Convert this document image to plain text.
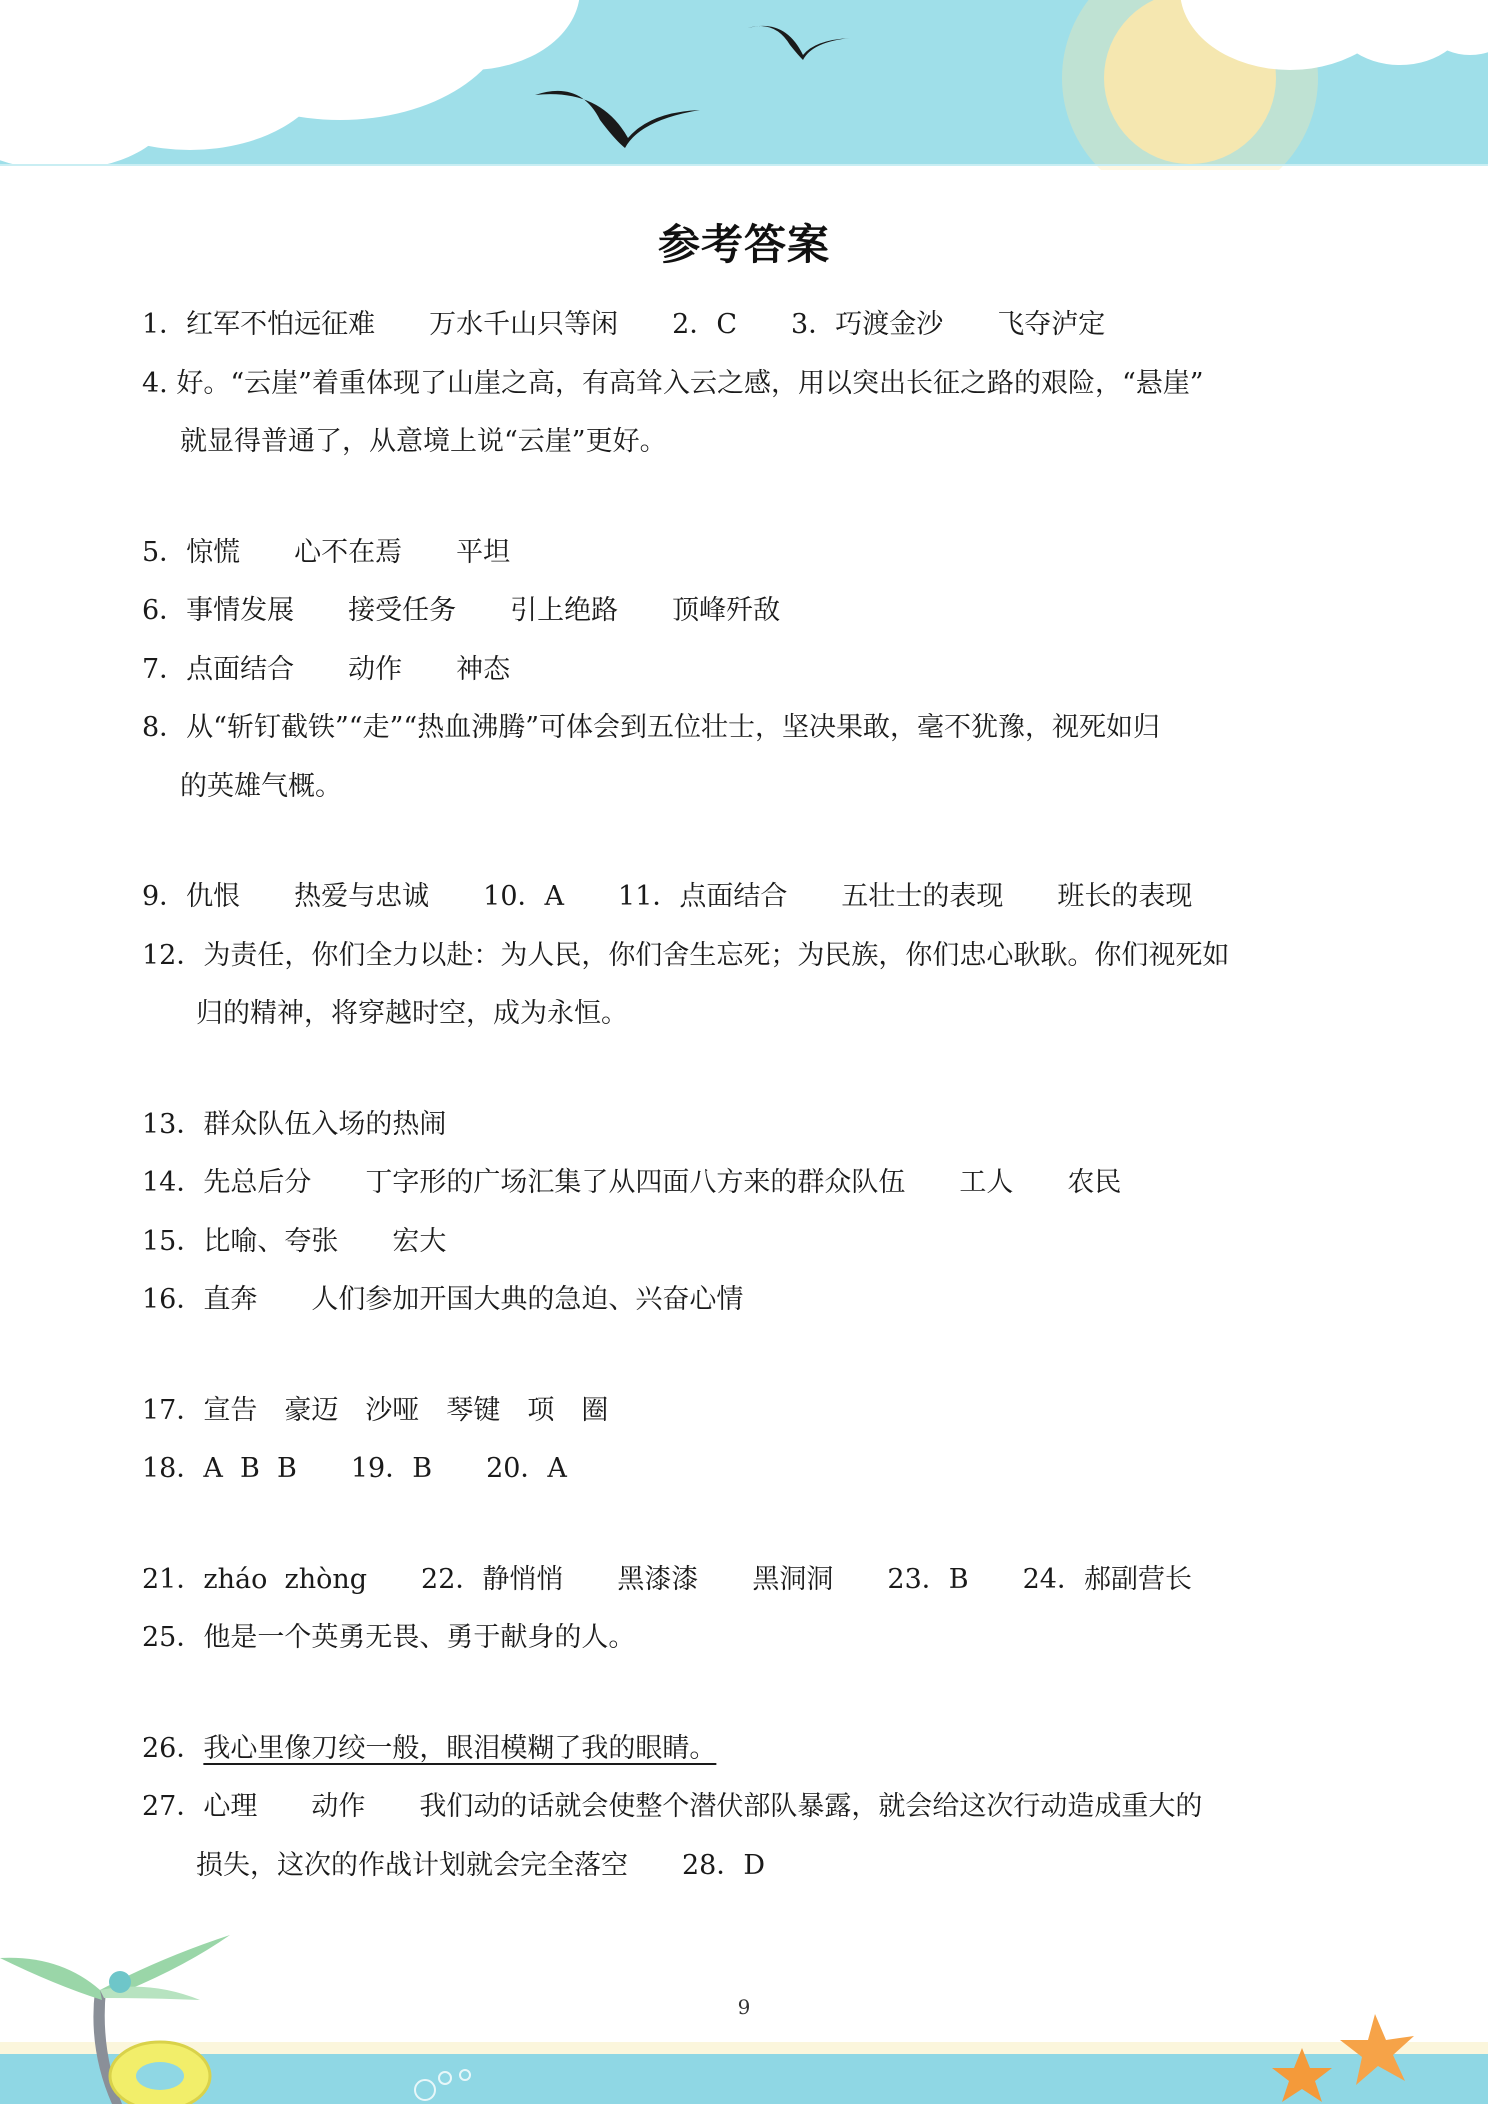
参考答案
1．红军不怕远征难　　万水千山只等闲　　2．C　　3．巧渡金沙　　飞夺泸定
4. 好。“云崖”着重体现了山崖之高，有高耸入云之感，用以突出长征之路的艰险，“悬崖”
就显得普通了，从意境上说“云崖”更好。
5．惊慌　　心不在焉　　平坦
6．事情发展　　接受任务　　引上绝路　　顶峰歼敌
7．点面结合　　动作　　神态
8．从“斩钉截铁”“走”“热血沸腾”可体会到五位壮士，坚决果敢，毫不犹豫，视死如归
的英雄气概。
9．仇恨　　热爱与忠诚　　10．A　　11．点面结合　　五壮士的表现　　班长的表现
12．为责任，你们全力以赴：为人民，你们舍生忘死；为民族，你们忠心耿耿。你们视死如
归的精神，将穿越时空，成为永恒。
13．群众队伍入场的热闹
14．先总后分　　丁字形的广场汇集了从四面八方来的群众队伍　　工人　　农民
15．比喻、夸张　　宏大
16．直奔　　人们参加开国大典的急迫、兴奋心情
17．宣告　豪迈　沙哑　琴键　项　圈
18．A  B  B　　19．B　　20．A
21．zháo  zhòng　　22．静悄悄　　黑漆漆　　黑洞洞　　23．B　　24．郝副营长
25．他是一个英勇无畏、勇于献身的人。
26．我心里像刀绞一般，眼泪模糊了我的眼睛。
27．心理　　动作　　我们动的话就会使整个潜伏部队暴露，就会给这次行动造成重大的
损失，这次的作战计划就会完全落空　　28．D
9
